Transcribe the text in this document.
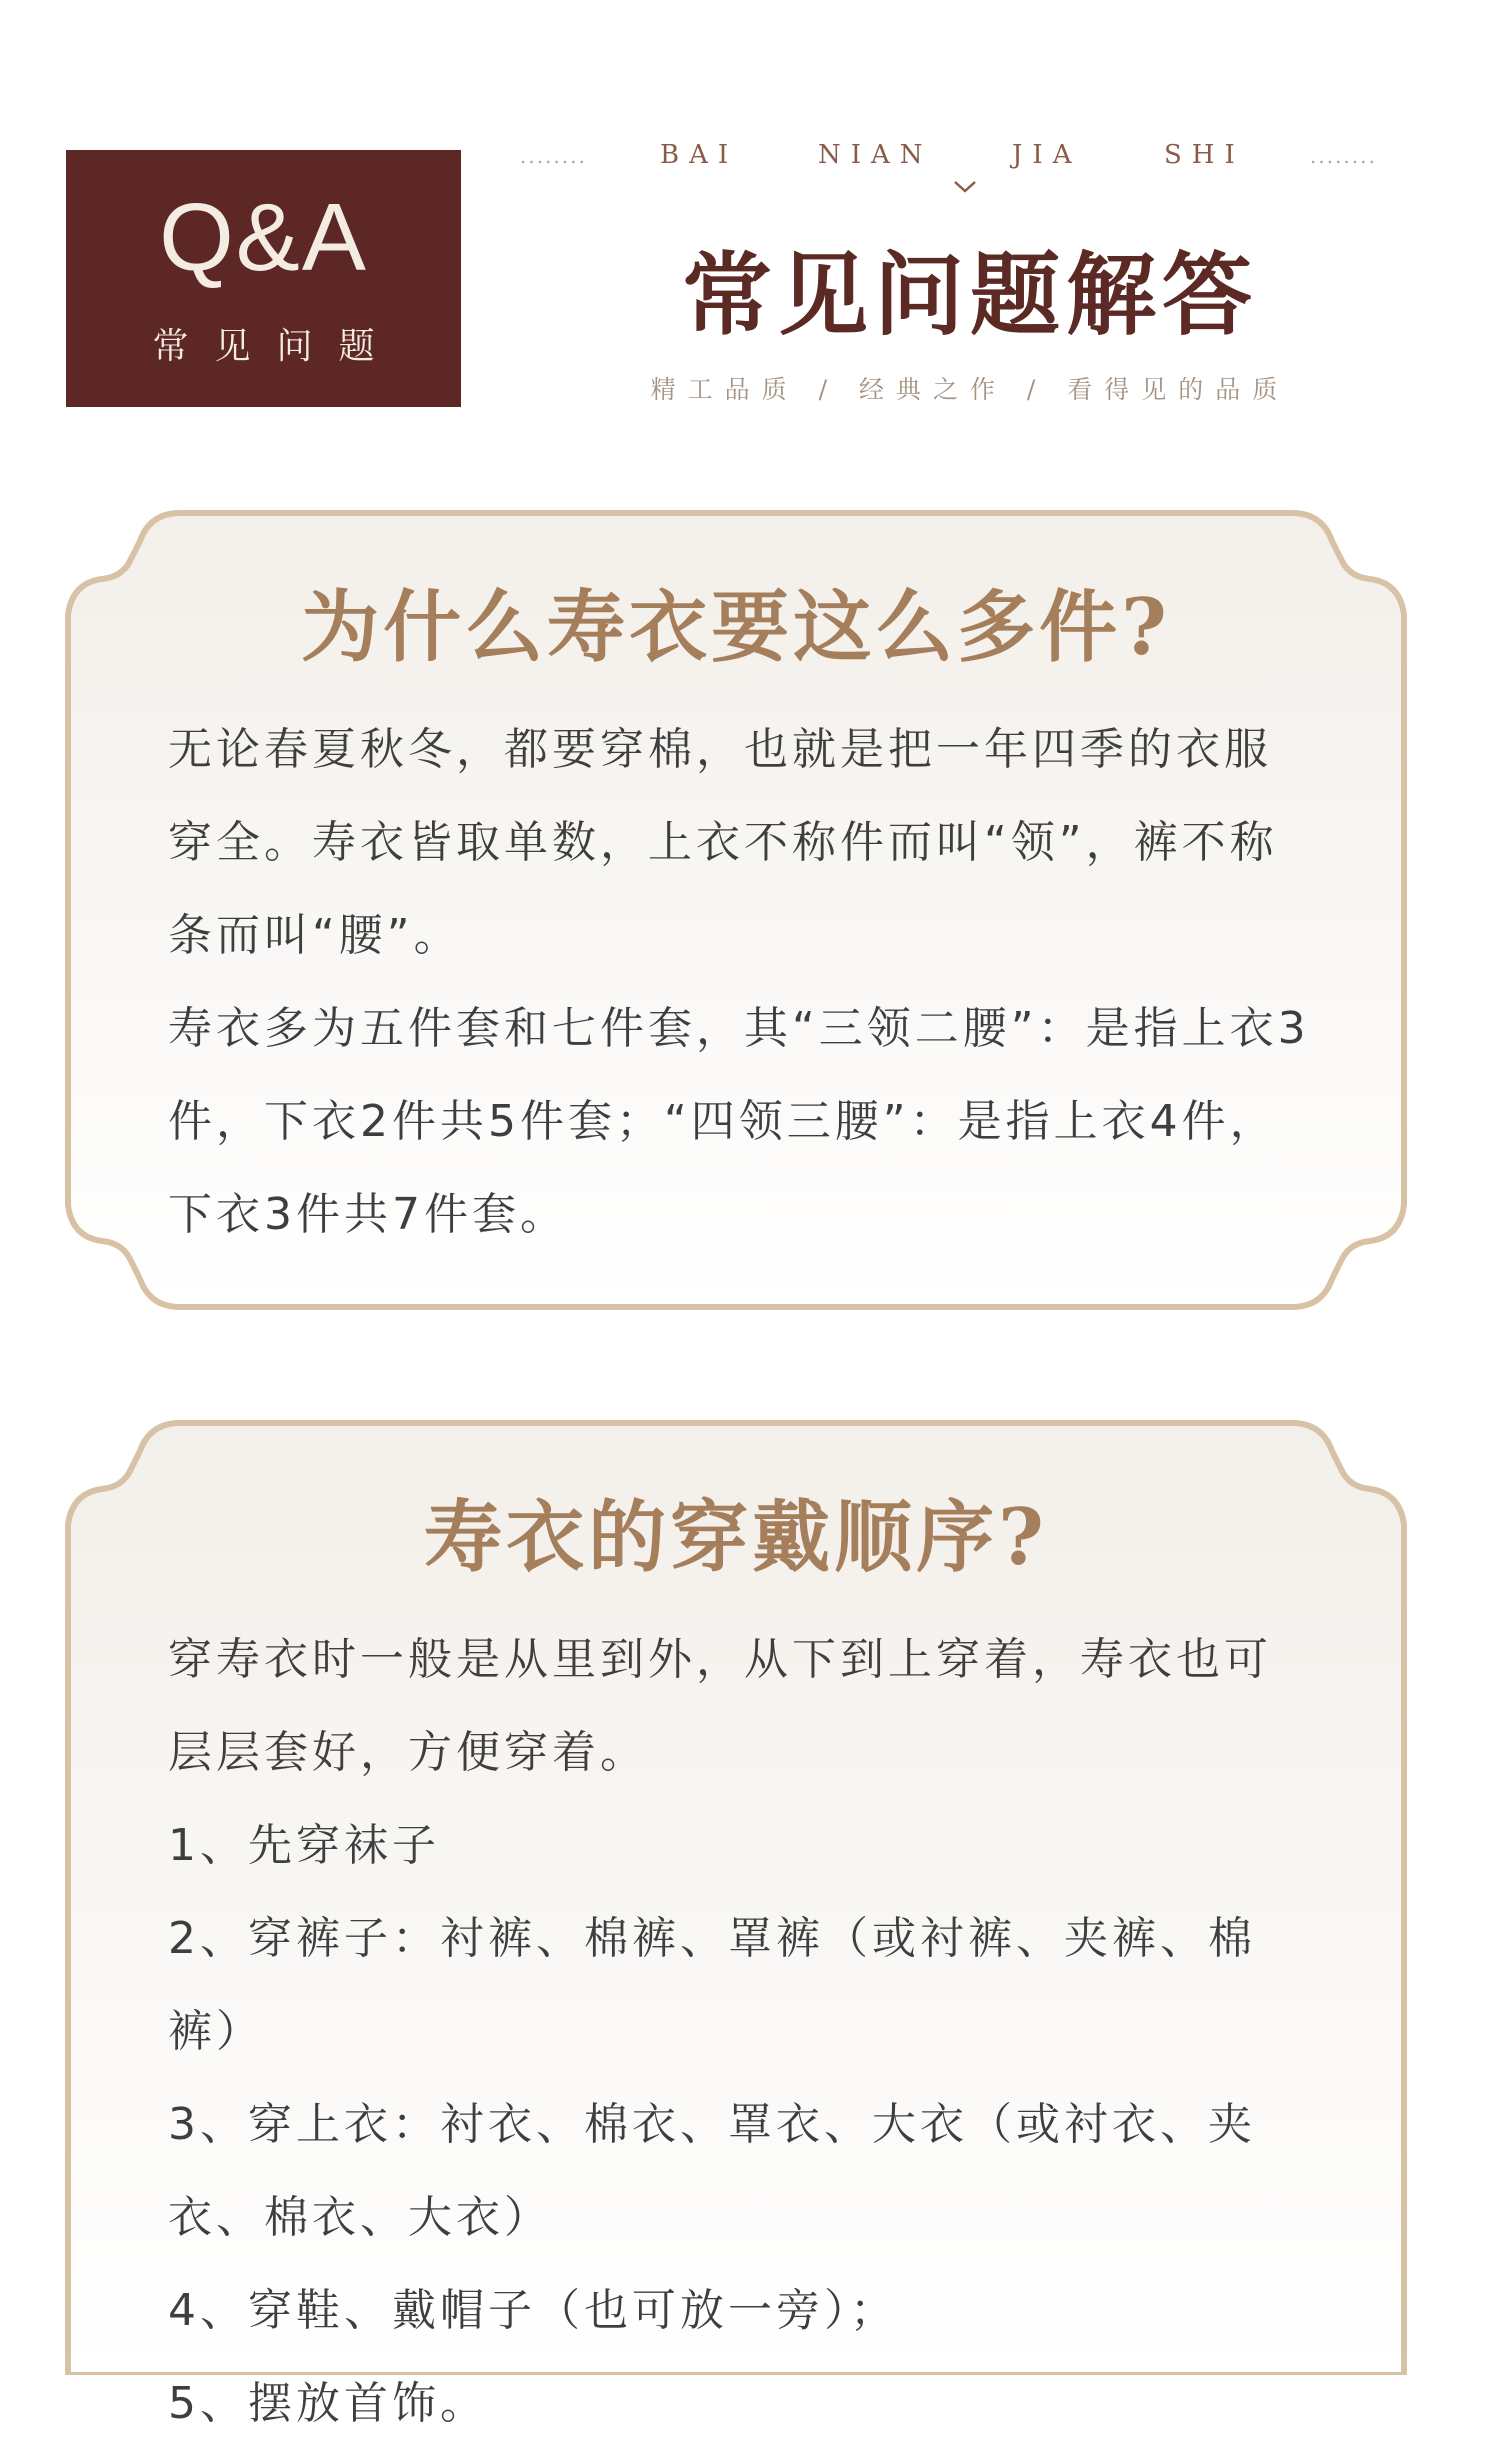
Q&A
常见问题
........	BAI	NIAN	JIA	SHI	........
常见问题解答
精工品质 / 经典之作 / 看得见的品质
为什么寿衣要这么多件?

无论春夏秋冬，都要穿棉，也就是把一年四季的衣服穿全。寿衣皆取单数，上衣不称件而叫“领”，裤不称条而叫“腰”。

寿衣多为五件套和七件套，其“三领二腰”：是指上衣3件，下衣2件共5件套；“四领三腰”：是指上衣4件，下衣3件共7件套。

寿衣的穿戴顺序?

穿寿衣时一般是从里到外，从下到上穿着，寿衣也可层层套好，方便穿着。

1、先穿袜子

2、穿裤子：衬裤、棉裤、罩裤（或衬裤、夹裤、棉裤）

3、穿上衣：衬衣、棉衣、罩衣、大衣（或衬衣、夹衣、棉衣、大衣）

4、穿鞋、戴帽子（也可放一旁）；

5、摆放首饰。
